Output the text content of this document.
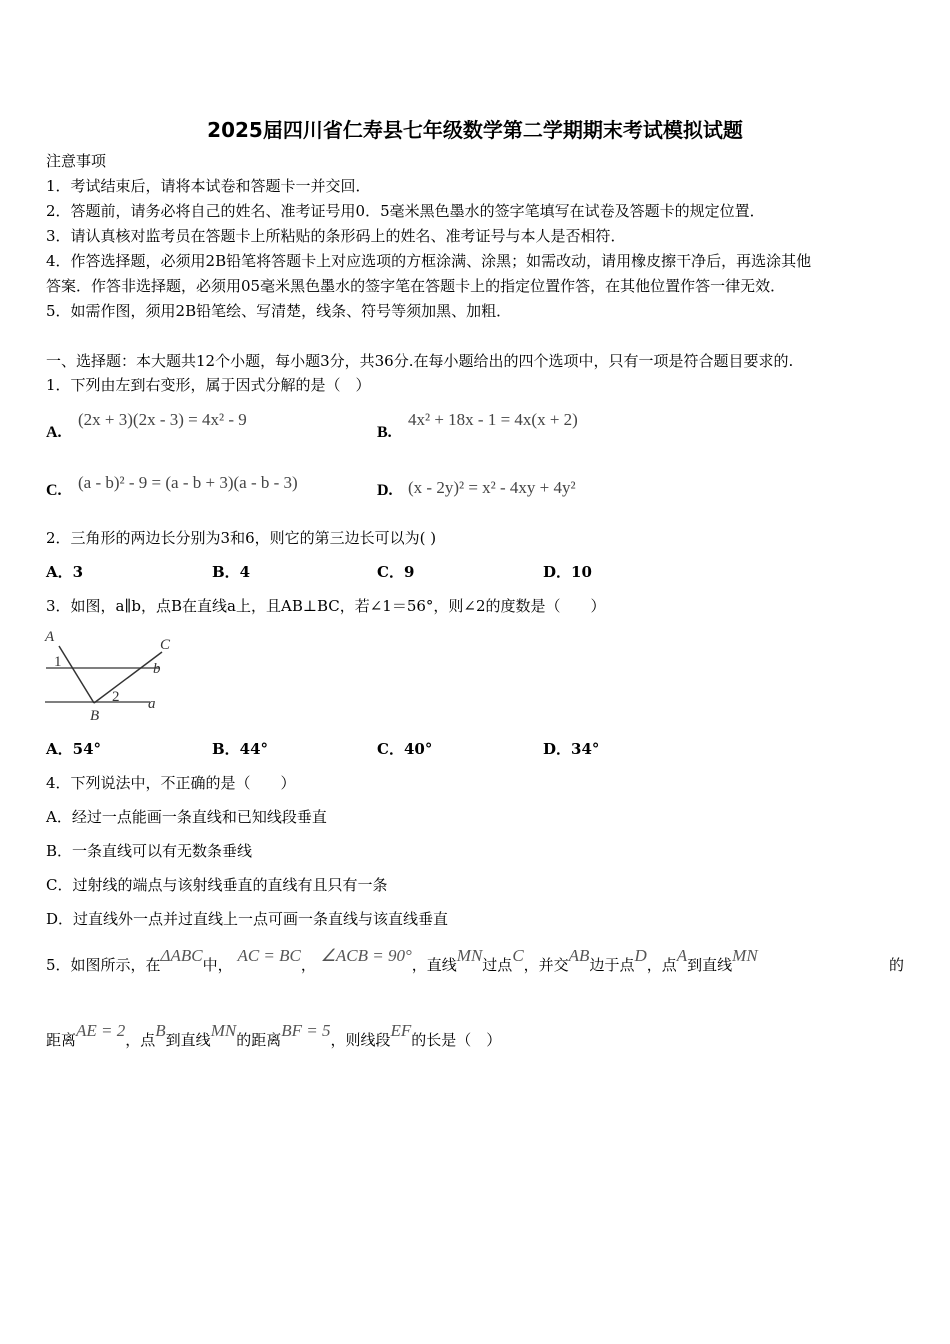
2025届四川省仁寿县七年级数学第二学期期末考试模拟试题
注意事项
1．考试结束后，请将本试卷和答题卡一并交回．
2．答题前，请务必将自己的姓名、准考证号用0．5毫米黑色墨水的签字笔填写在试卷及答题卡的规定位置．
3．请认真核对监考员在答题卡上所粘贴的条形码上的姓名、准考证号与本人是否相符．
4．作答选择题，必须用2B铅笔将答题卡上对应选项的方框涂满、涂黑；如需改动，请用橡皮擦干净后，再选涂其他
答案．作答非选择题，必须用05毫米黑色墨水的签字笔在答题卡上的指定位置作答，在其他位置作答一律无效．
5．如需作图，须用2B铅笔绘、写清楚，线条、符号等须加黑、加粗．
一、选择题：本大题共12个小题，每小题3分，共36分.在每小题给出的四个选项中，只有一项是符合题目要求的.
1．下列由左到右变形，属于因式分解的是（　）
A.
(2x + 3)(2x - 3) = 4x² - 9
B.
4x² + 18x - 1 = 4x(x + 2)
C. (a - b)² - 9 = (a - b + 3)(a - b - 3)	D. (x - 2y)² = x² - 4xy + 4y²
2．三角形的两边长分别为3和6，则它的第三边长可以为( )
A．3	B．4	C．9	D．10
3．如图，a∥b，点B在直线a上，且AB⊥BC，若∠1＝56°，则∠2的度数是（　　）
A	C
b
a
B
1
2
A．54°	B．44°	C．40°	D．34°
4．下列说法中，不正确的是（　　）
A．经过一点能画一条直线和已知线段垂直
B．一条直线可以有无数条垂线
C．过射线的端点与该射线垂直的直线有且只有一条
D．过直线外一点并过直线上一点可画一条直线与该直线垂直
5．如图所示，在ΔABC中， AC = BC， ∠ACB = 90°，直线MN过点C，并交AB边于点D，点A到直线MN	的
距离AE = 2，点B到直线MN的距离BF = 5，则线段EF的长是（　）
